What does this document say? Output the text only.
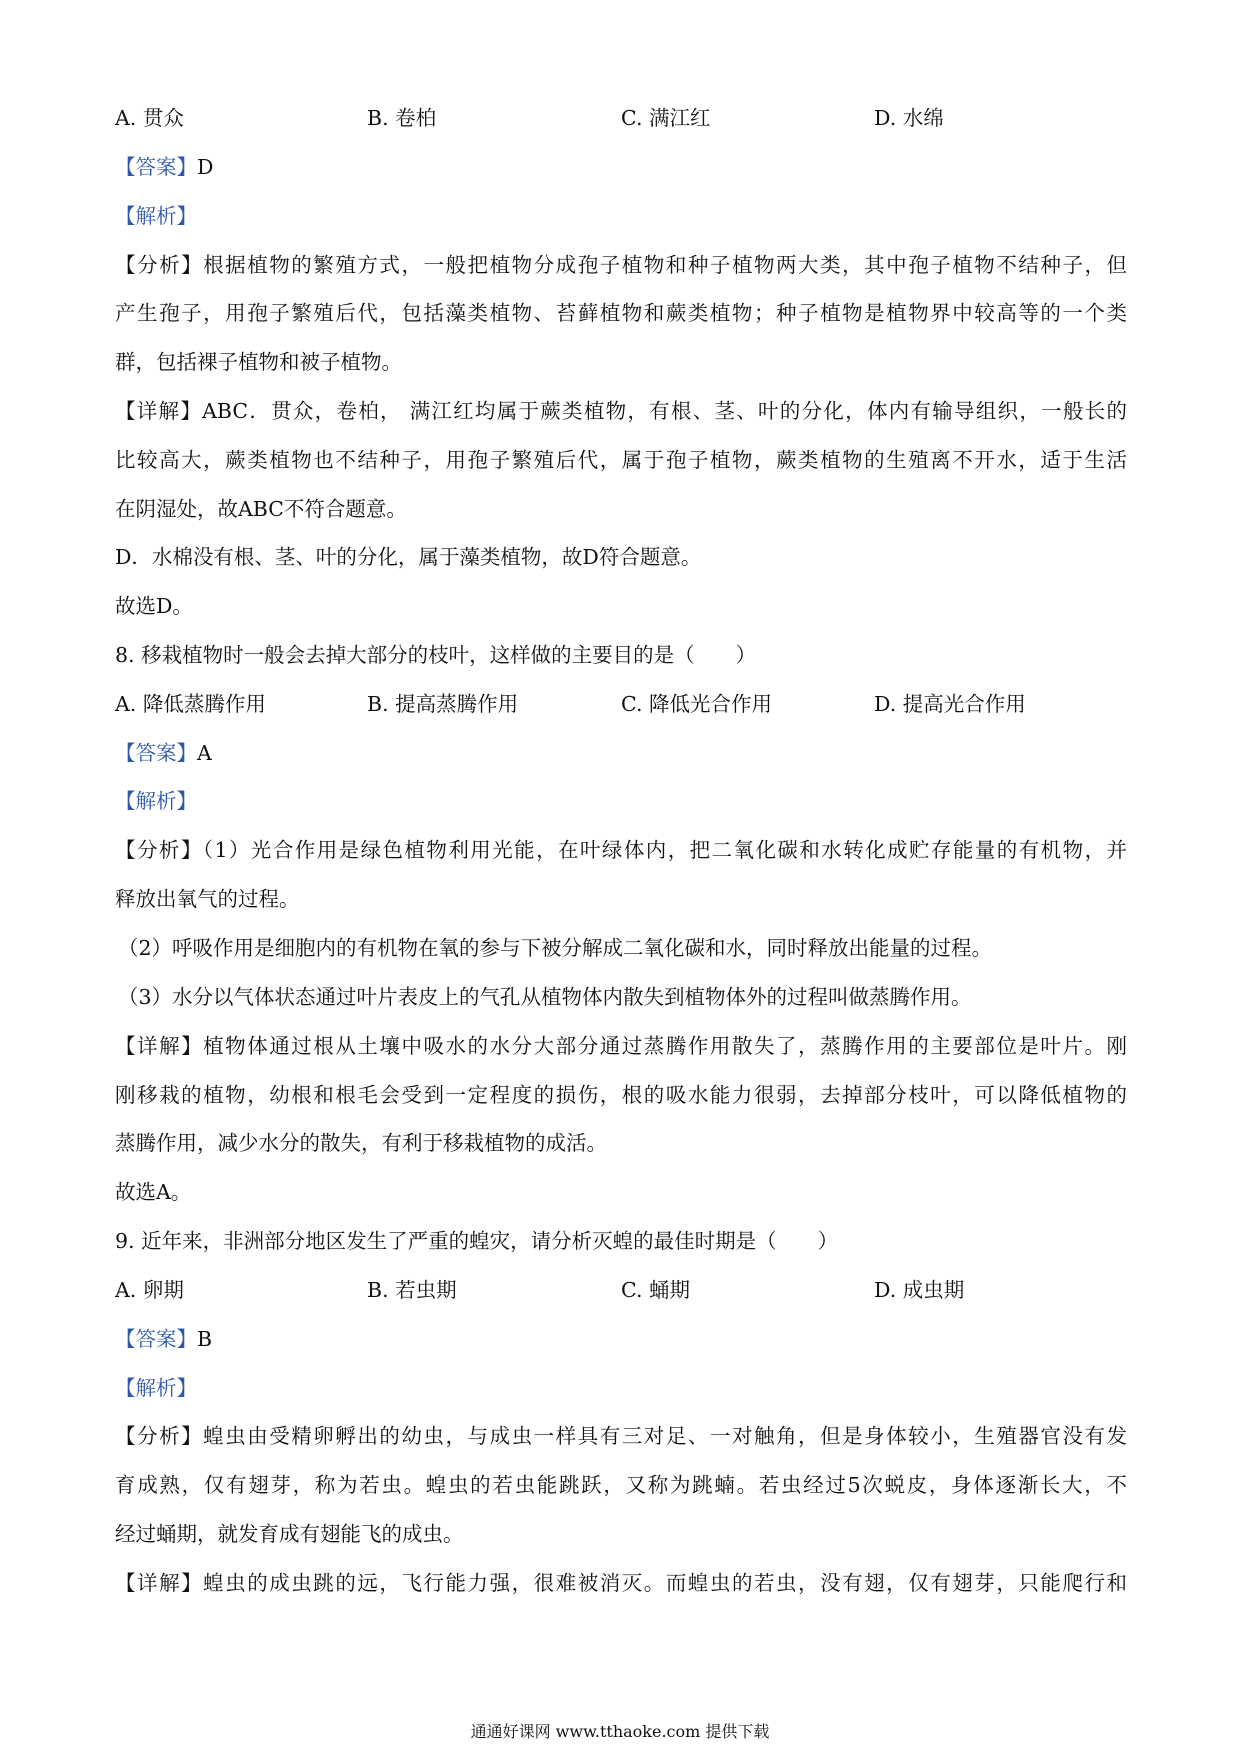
A. 贯众	B. 卷柏	C. 满江红	D. 水绵
【答案】D
【解析】
【分析】根据植物的繁殖方式，一般把植物分成孢子植物和种子植物两大类，其中孢子植物不结种子，但
产生孢子，用孢子繁殖后代，包括藻类植物、苔藓植物和蕨类植物；种子植物是植物界中较高等的一个类
群，包括裸子植物和被子植物。
【详解】ABC．贯众，卷柏， 满江红均属于蕨类植物，有根、茎、叶的分化，体内有输导组织，一般长的
比较高大，蕨类植物也不结种子，用孢子繁殖后代，属于孢子植物，蕨类植物的生殖离不开水，适于生活
在阴湿处，故ABC不符合题意。
D．水棉没有根、茎、叶的分化，属于藻类植物，故D符合题意。
故选D。
8. 移栽植物时一般会去掉大部分的枝叶，这样做的主要目的是（　　）
A. 降低蒸腾作用	B. 提高蒸腾作用	C. 降低光合作用	D. 提高光合作用
【答案】A
【解析】
【分析】（1）光合作用是绿色植物利用光能，在叶绿体内，把二氧化碳和水转化成贮存能量的有机物，并
释放出氧气的过程。
（2）呼吸作用是细胞内的有机物在氧的参与下被分解成二氧化碳和水，同时释放出能量的过程。
（3）水分以气体状态通过叶片表皮上的气孔从植物体内散失到植物体外的过程叫做蒸腾作用。
【详解】植物体通过根从土壤中吸水的水分大部分通过蒸腾作用散失了，蒸腾作用的主要部位是叶片。刚
刚移栽的植物，幼根和根毛会受到一定程度的损伤，根的吸水能力很弱，去掉部分枝叶，可以降低植物的
蒸腾作用，减少水分的散失，有利于移栽植物的成活。
故选A。
9. 近年来，非洲部分地区发生了严重的蝗灾，请分析灭蝗的最佳时期是（　　）
A. 卵期	B. 若虫期	C. 蛹期	D. 成虫期
【答案】B
【解析】
【分析】蝗虫由受精卵孵出的幼虫，与成虫一样具有三对足、一对触角，但是身体较小，生殖器官没有发
育成熟，仅有翅芽，称为若虫。蝗虫的若虫能跳跃，又称为跳蝻。若虫经过5次蜕皮，身体逐渐长大，不
经过蛹期，就发育成有翅能飞的成虫。
【详解】蝗虫的成虫跳的远，飞行能力强，很难被消灭。而蝗虫的若虫，没有翅，仅有翅芽，只能爬行和
通通好课网 www.tthaoke.com 提供下载
